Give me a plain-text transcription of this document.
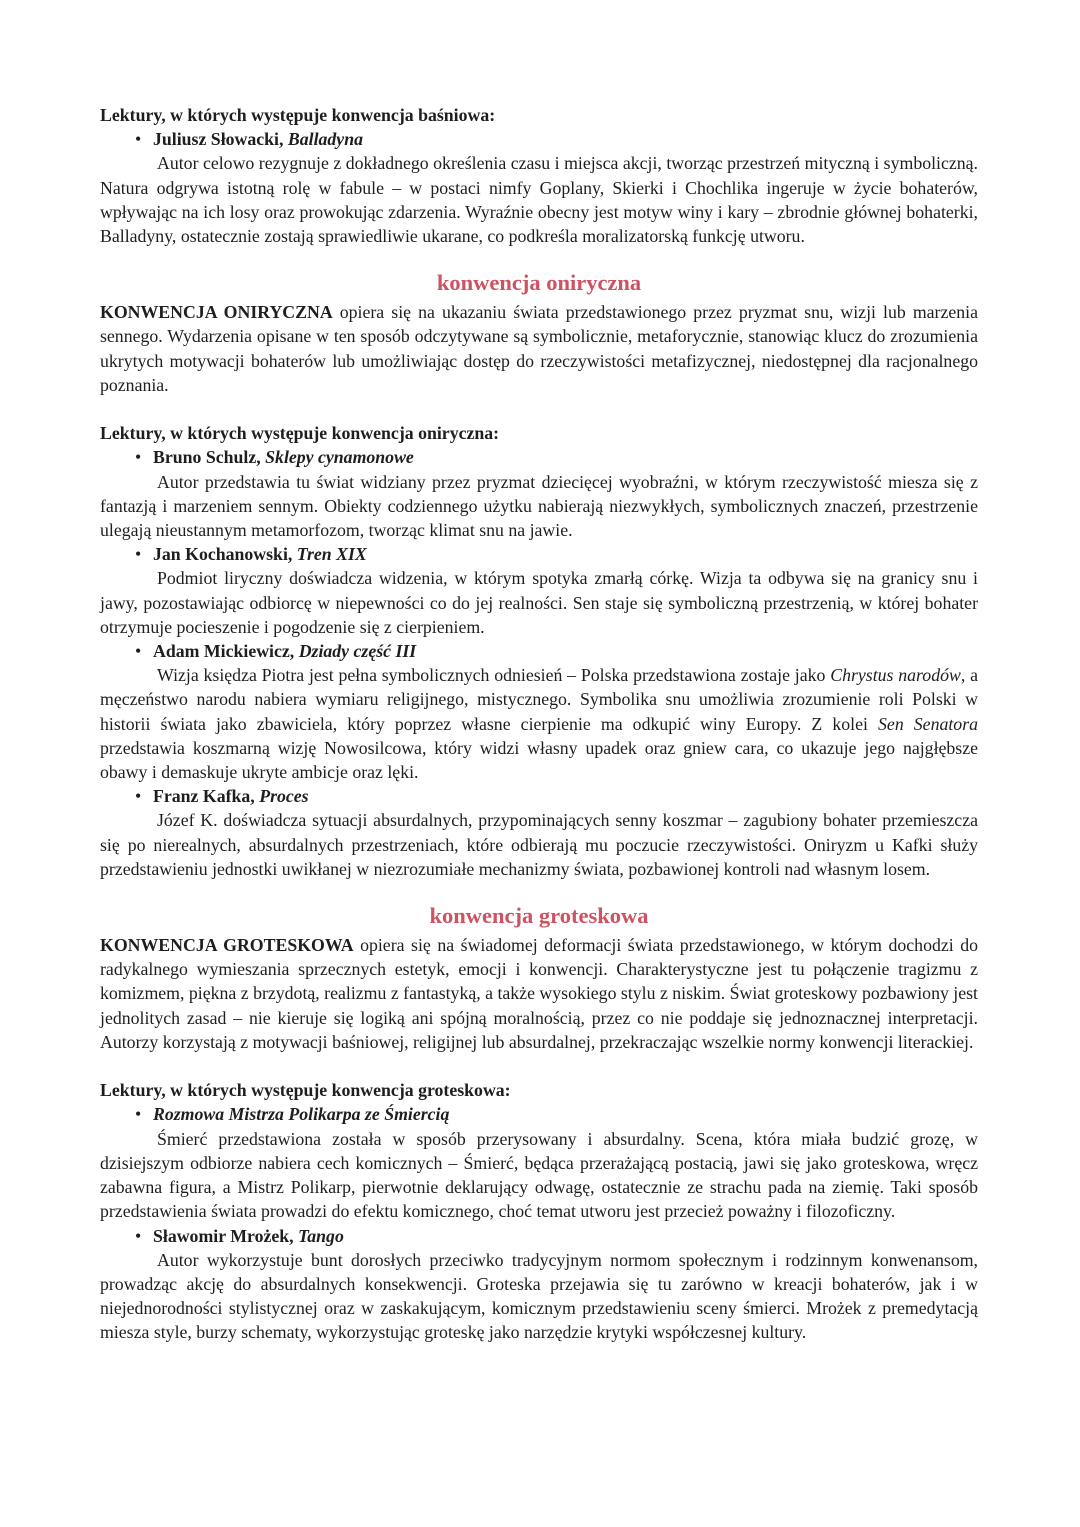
Lektury, w których występuje konwencja baśniowa:

• Juliusz Słowacki, Balladyna

Autor celowo rezygnuje z dokładnego określenia czasu i miejsca akcji, tworząc przestrzeń mityczną i symboliczną. Natura odgrywa istotną rolę w fabule – w postaci nimfy Goplany, Skierki i Chochlika ingeruje w życie bohaterów, wpływając na ich losy oraz prowokując zdarzenia. Wyraźnie obecny jest motyw winy i kary – zbrodnie głównej bohaterki, Balladyny, ostatecznie zostają sprawiedliwie ukarane, co podkreśla moralizatorską funkcję utworu.

konwencja oniryczna

KONWENCJA ONIRYCZNA opiera się na ukazaniu świata przedstawionego przez pryzmat snu, wizji lub marzenia sennego. Wydarzenia opisane w ten sposób odczytywane są symbolicznie, metaforycznie, stanowiąc klucz do zrozumienia ukrytych motywacji bohaterów lub umożliwiając dostęp do rzeczywistości metafizycznej, niedostępnej dla racjonalnego poznania.

Lektury, w których występuje konwencja oniryczna:

• Bruno Schulz, Sklepy cynamonowe

Autor przedstawia tu świat widziany przez pryzmat dziecięcej wyobraźni, w którym rzeczywistość miesza się z fantazją i marzeniem sennym. Obiekty codziennego użytku nabierają niezwykłych, symbolicznych znaczeń, przestrzenie ulegają nieustannym metamorfozom, tworząc klimat snu na jawie.

• Jan Kochanowski, Tren XIX

Podmiot liryczny doświadcza widzenia, w którym spotyka zmarłą córkę. Wizja ta odbywa się na granicy snu i jawy, pozostawiając odbiorcę w niepewności co do jej realności. Sen staje się symboliczną przestrzenią, w której bohater otrzymuje pocieszenie i pogodzenie się z cierpieniem.

• Adam Mickiewicz, Dziady część III

Wizja księdza Piotra jest pełna symbolicznych odniesień – Polska przedstawiona zostaje jako Chrystus narodów, a męczeństwo narodu nabiera wymiaru religijnego, mistycznego. Symbolika snu umożliwia zrozumienie roli Polski w historii świata jako zbawiciela, który poprzez własne cierpienie ma odkupić winy Europy. Z kolei Sen Senatora przedstawia koszmarną wizję Nowosilcowa, który widzi własny upadek oraz gniew cara, co ukazuje jego najgłębsze obawy i demaskuje ukryte ambicje oraz lęki.

• Franz Kafka, Proces

Józef K. doświadcza sytuacji absurdalnych, przypominających senny koszmar – zagubiony bohater przemieszcza się po nierealnych, absurdalnych przestrzeniach, które odbierają mu poczucie rzeczywistości. Oniryzm u Kafki służy przedstawieniu jednostki uwikłanej w niezrozumiałe mechanizmy świata, pozbawionej kontroli nad własnym losem.

konwencja groteskowa

KONWENCJA GROTESKOWA opiera się na świadomej deformacji świata przedstawionego, w którym dochodzi do radykalnego wymieszania sprzecznych estetyk, emocji i konwencji. Charakterystyczne jest tu połączenie tragizmu z komizmem, piękna z brzydotą, realizmu z fantastyką, a także wysokiego stylu z niskim. Świat groteskowy pozbawiony jest jednolitych zasad – nie kieruje się logiką ani spójną moralnością, przez co nie poddaje się jednoznacznej interpretacji. Autorzy korzystają z motywacji baśniowej, religijnej lub absurdalnej, przekraczając wszelkie normy konwencji literackiej.

Lektury, w których występuje konwencja groteskowa:

• Rozmowa Mistrza Polikarpa ze Śmiercią

Śmierć przedstawiona została w sposób przerysowany i absurdalny. Scena, która miała budzić grozę, w dzisiejszym odbiorze nabiera cech komicznych – Śmierć, będąca przerażającą postacią, jawi się jako groteskowa, wręcz zabawna figura, a Mistrz Polikarp, pierwotnie deklarujący odwagę, ostatecznie ze strachu pada na ziemię. Taki sposób przedstawienia świata prowadzi do efektu komicznego, choć temat utworu jest przecież poważny i filozoficzny.

• Sławomir Mrożek, Tango

Autor wykorzystuje bunt dorosłych przeciwko tradycyjnym normom społecznym i rodzinnym konwenansom, prowadząc akcję do absurdalnych konsekwencji. Groteska przejawia się tu zarówno w kreacji bohaterów, jak i w niejednorodności stylistycznej oraz w zaskakującym, komicznym przedstawieniu sceny śmierci. Mrożek z premedytacją miesza style, burzy schematy, wykorzystując groteskę jako narzędzie krytyki współczesnej kultury.
